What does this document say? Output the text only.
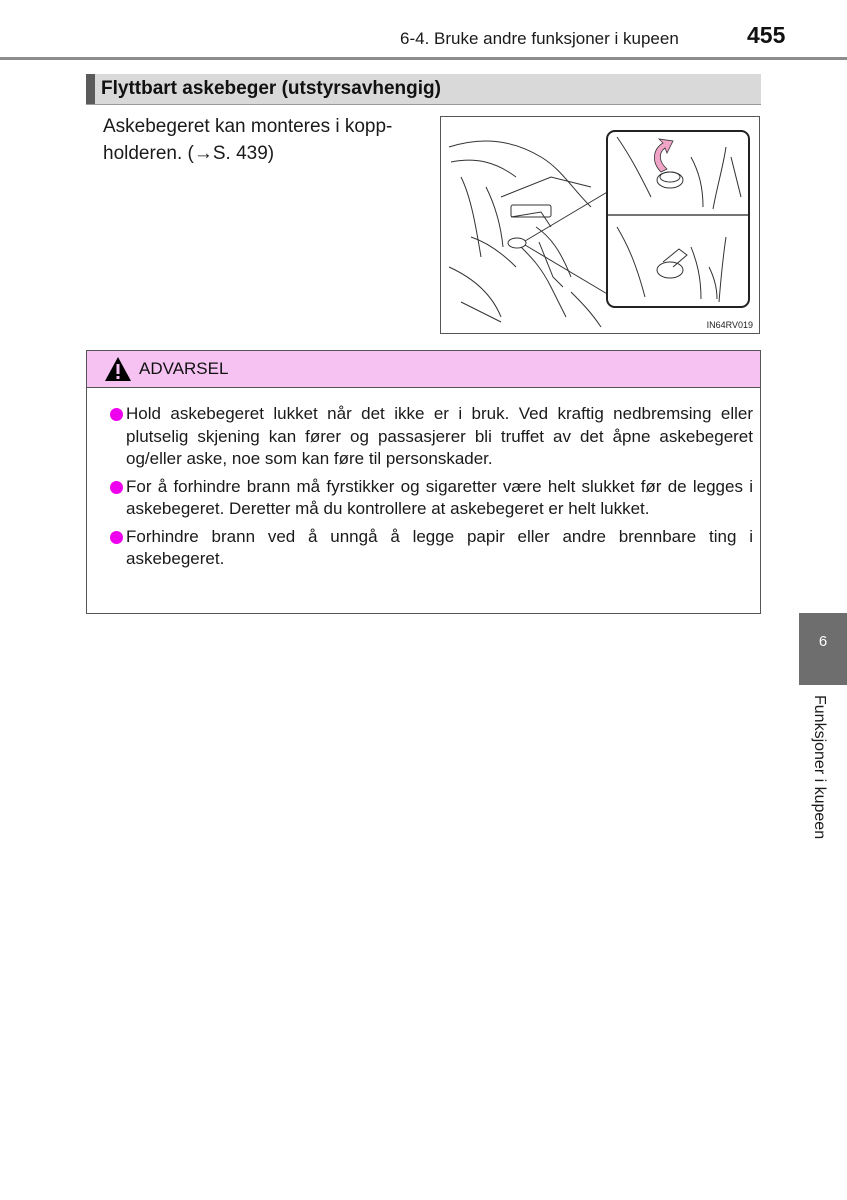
6-4. Bruke andre funksjoner i kupeen	455
Flyttbart askebeger (utstyrsavhengig)
Askebegeret kan monteres i kopp-
holderen. (→S. 439)
IN64RV019
ADVARSEL
Hold askebegeret lukket når det ikke er i bruk. Ved kraftig nedbremsing eller plutselig skjening kan fører og passasjerer bli truffet av det åpne askebegeret og/eller aske, noe som kan føre til personskader.
For å forhindre brann må fyrstikker og sigaretter være helt slukket før de legges i askebegeret. Deretter må du kontrollere at askebegeret er helt lukket.
Forhindre brann ved å unngå å legge papir eller andre brennbare ting i askebegeret.
6
Funksjoner i kupeen
